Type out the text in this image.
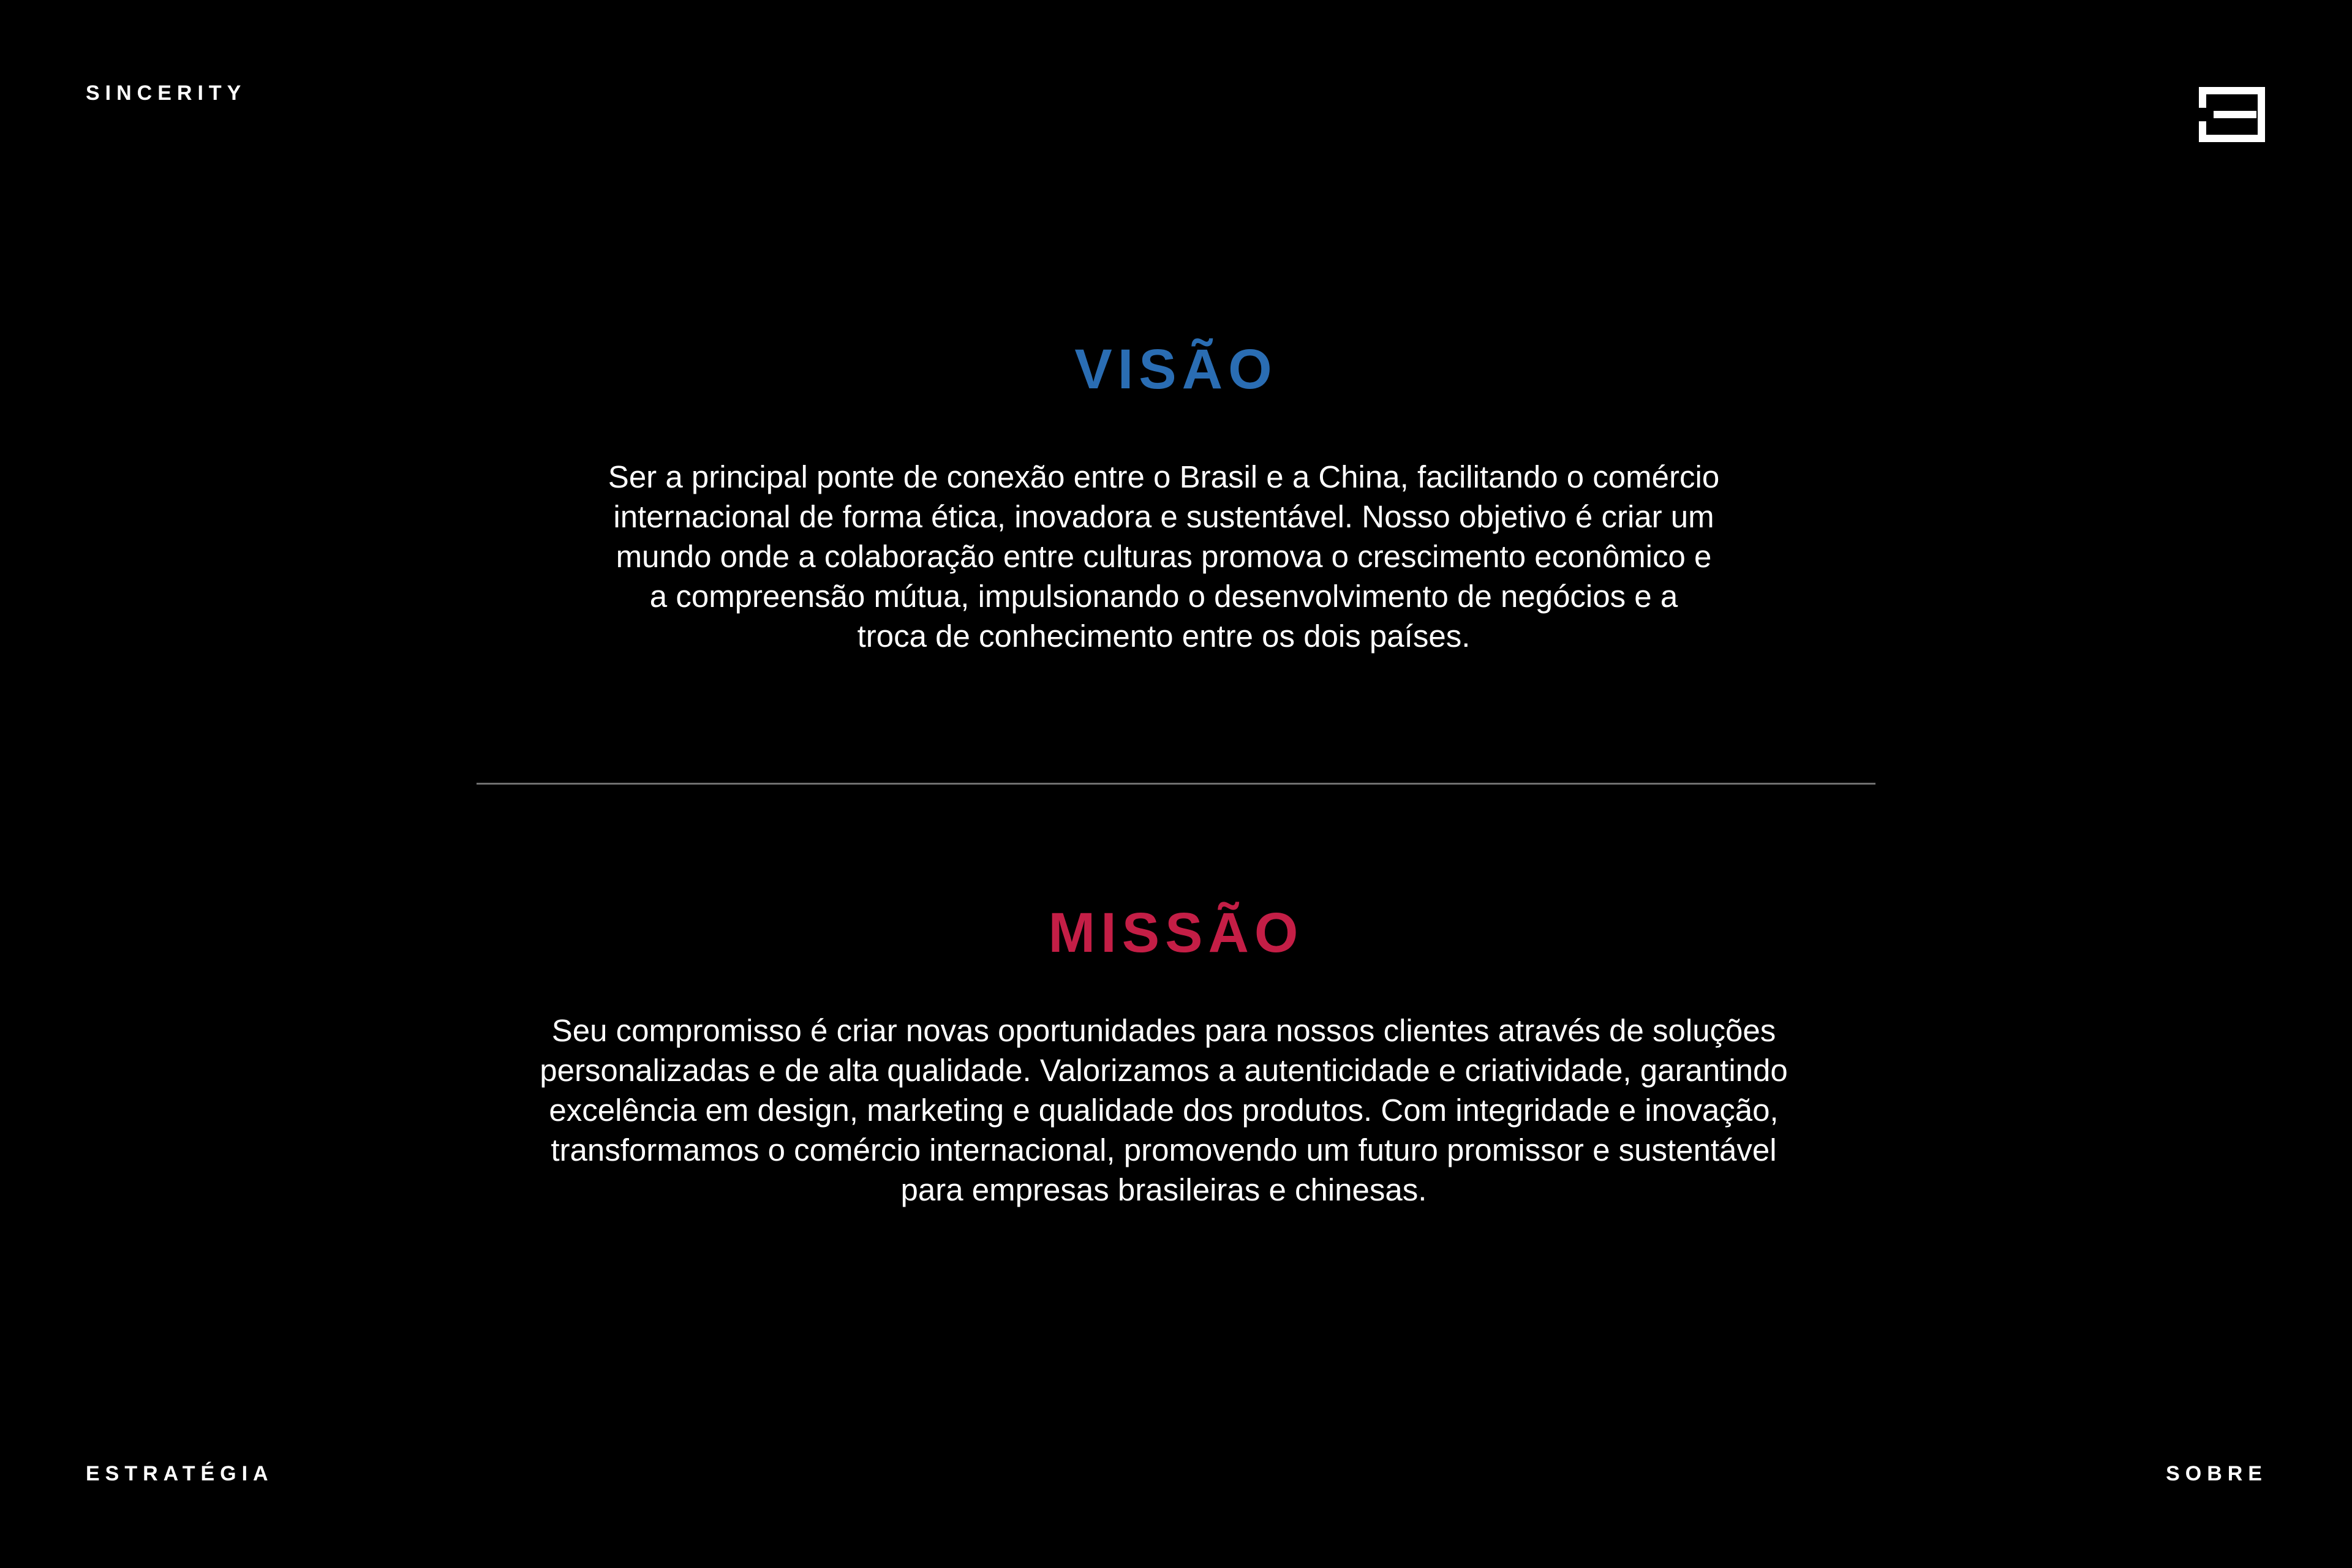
SINCERITY
VISÃO

Ser a principal ponte de conexão entre o Brasil e a China, facilitando o comércio
internacional de forma ética, inovadora e sustentável. Nosso objetivo é criar um
mundo onde a colaboração entre culturas promova o crescimento econômico e
a compreensão mútua, impulsionando o desenvolvimento de negócios e a
troca de conhecimento entre os dois países.

MISSÃO

Seu compromisso é criar novas oportunidades para nossos clientes através de soluções
personalizadas e de alta qualidade. Valorizamos a autenticidade e criatividade, garantindo
excelência em design, marketing e qualidade dos produtos. Com integridade e inovação,
transformamos o comércio internacional, promovendo um futuro promissor e sustentável
para empresas brasileiras e chinesas.

ESTRATÉGIA	SOBRE
